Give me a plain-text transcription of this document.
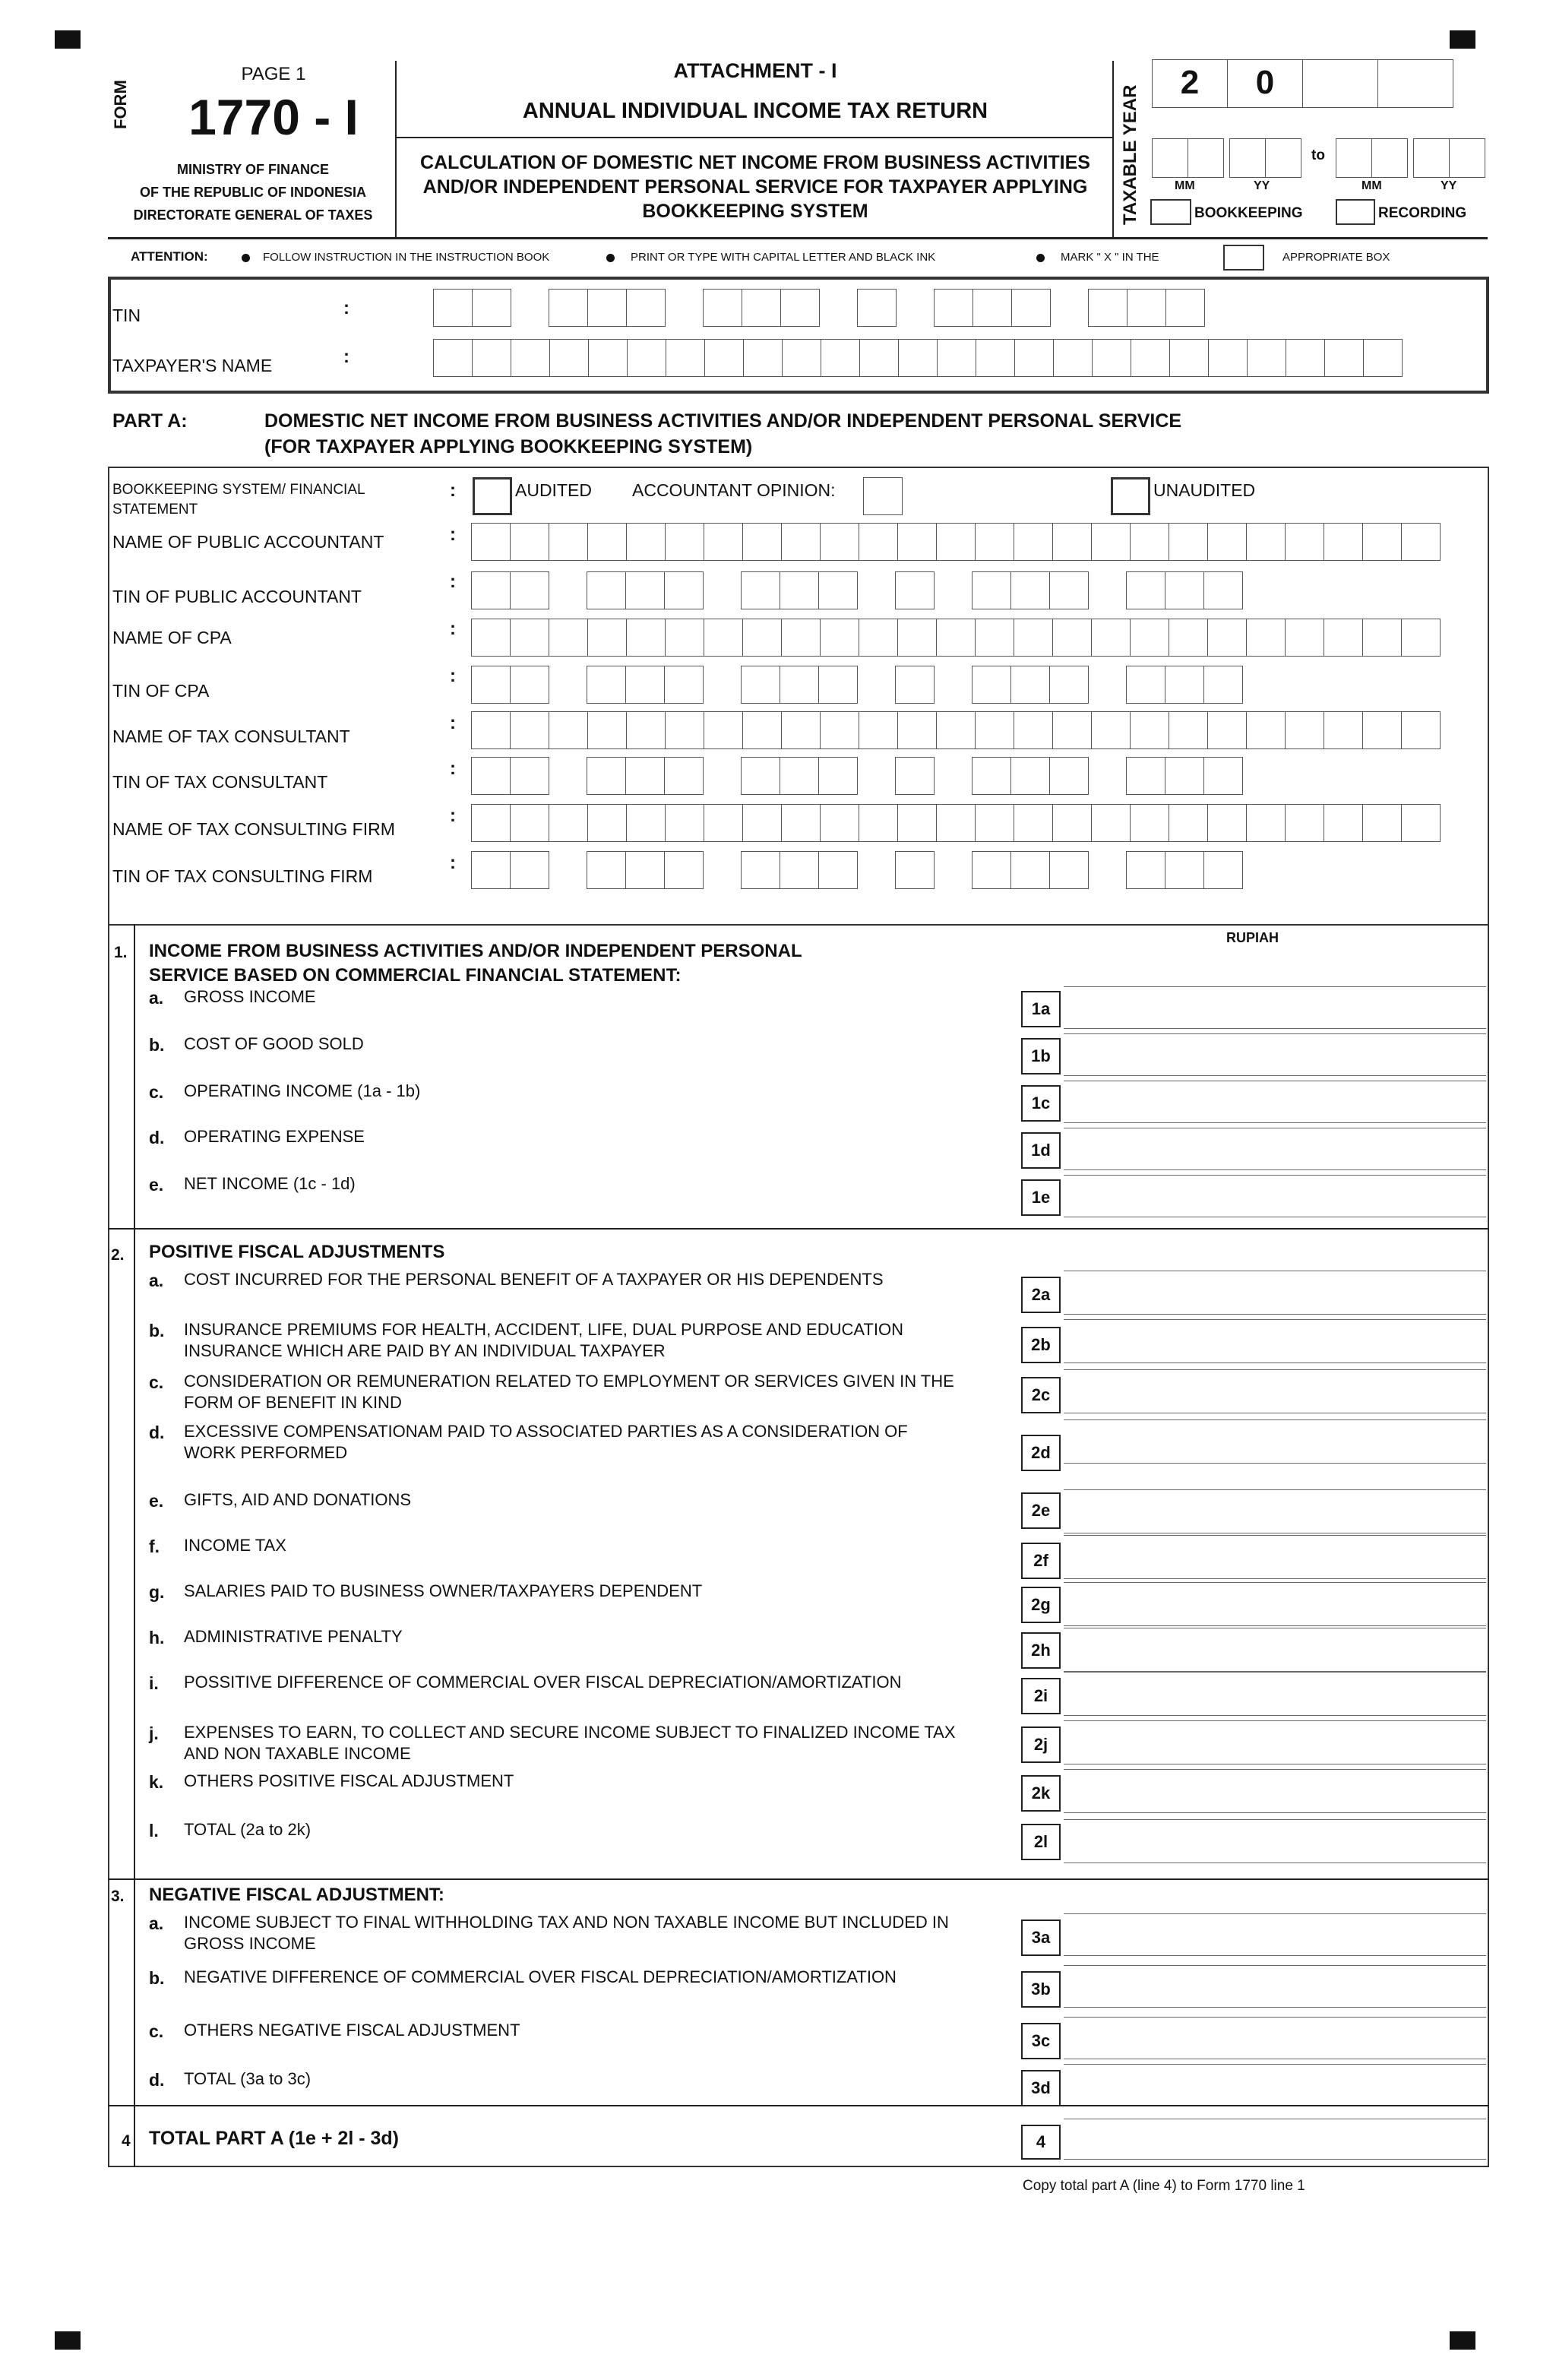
FORM
PAGE 1
1770 - I
MINISTRY OF FINANCE
OF THE REPUBLIC OF INDONESIA
DIRECTORATE GENERAL OF TAXES
ATTACHMENT - I
ANNUAL INDIVIDUAL INCOME TAX RETURN
CALCULATION OF DOMESTIC NET INCOME FROM BUSINESS ACTIVITIES
AND/OR INDEPENDENT PERSONAL SERVICE FOR TAXPAYER APPLYING
BOOKKEEPING SYSTEM	TAXABLE YEAR
2	0
to
MM	YY	MM	YY
BOOKKEEPING	RECORDING
ATTENTION:	FOLLOW INSTRUCTION IN THE INSTRUCTION BOOK	PRINT OR TYPE WITH CAPITAL LETTER AND BLACK INK	MARK " X " IN THE	APPROPRIATE BOX
TIN	:
TAXPAYER'S NAME	:
PART A:	DOMESTIC NET INCOME FROM BUSINESS ACTIVITIES AND/OR INDEPENDENT PERSONAL SERVICE
(FOR TAXPAYER APPLYING BOOKKEEPING SYSTEM)
BOOKKEEPING SYSTEM/ FINANCIAL
STATEMENT
:	AUDITED ACCOUNTANT OPINION:	UNAUDITED
NAME OF PUBLIC ACCOUNTANT	:
TIN OF PUBLIC ACCOUNTANT
:
NAME OF CPA	:
TIN OF CPA
:
NAME OF TAX CONSULTANT
:
TIN OF TAX CONSULTANT
:
NAME OF TAX CONSULTING FIRM
:
TIN OF TAX CONSULTING FIRM
:
RUPIAH
1. INCOME FROM BUSINESS ACTIVITIES AND/OR INDEPENDENT PERSONAL
SERVICE BASED ON COMMERCIAL FINANCIAL STATEMENT:
a. GROSS INCOME
1a
b. COST OF GOOD SOLD
1b
c. OPERATING INCOME (1a - 1b)
1c
d. OPERATING EXPENSE
1d
e. NET INCOME (1c - 1d)
1e
2. POSITIVE FISCAL ADJUSTMENTS
a. COST INCURRED FOR THE PERSONAL BENEFIT OF A TAXPAYER OR HIS DEPENDENTS
2a
b. INSURANCE PREMIUMS FOR HEALTH, ACCIDENT, LIFE, DUAL PURPOSE AND EDUCATION
INSURANCE WHICH ARE PAID BY AN INDIVIDUAL TAXPAYER	2b
c. CONSIDERATION OR REMUNERATION RELATED TO EMPLOYMENT OR SERVICES GIVEN IN THE
FORM OF BENEFIT IN KIND	2c
d. EXCESSIVE COMPENSATIONAM PAID TO ASSOCIATED PARTIES AS A CONSIDERATION OF
WORK PERFORMED	2d
e. GIFTS, AID AND DONATIONS
2e
f. INCOME TAX
2f
g. SALARIES PAID TO BUSINESS OWNER/TAXPAYERS DEPENDENT
2g
h. ADMINISTRATIVE PENALTY
2h
i. POSSITIVE DIFFERENCE OF COMMERCIAL OVER FISCAL DEPRECIATION/AMORTIZATION
2i
j. EXPENSES TO EARN, TO COLLECT AND SECURE INCOME SUBJECT TO FINALIZED INCOME TAX
AND NON TAXABLE INCOME	2j
k. OTHERS POSITIVE FISCAL ADJUSTMENT
2k
l. TOTAL (2a to 2k)
2l
3. NEGATIVE FISCAL ADJUSTMENT:
a. INCOME SUBJECT TO FINAL WITHHOLDING TAX AND NON TAXABLE INCOME BUT INCLUDED IN
GROSS INCOME	3a
b. NEGATIVE DIFFERENCE OF COMMERCIAL OVER FISCAL DEPRECIATION/AMORTIZATION
3b
c. OTHERS NEGATIVE FISCAL ADJUSTMENT
3c
d. TOTAL (3a to 3c)	3d
4 TOTAL PART A (1e + 2l - 3d)	4
Copy total part A (line 4) to Form 1770 line 1
